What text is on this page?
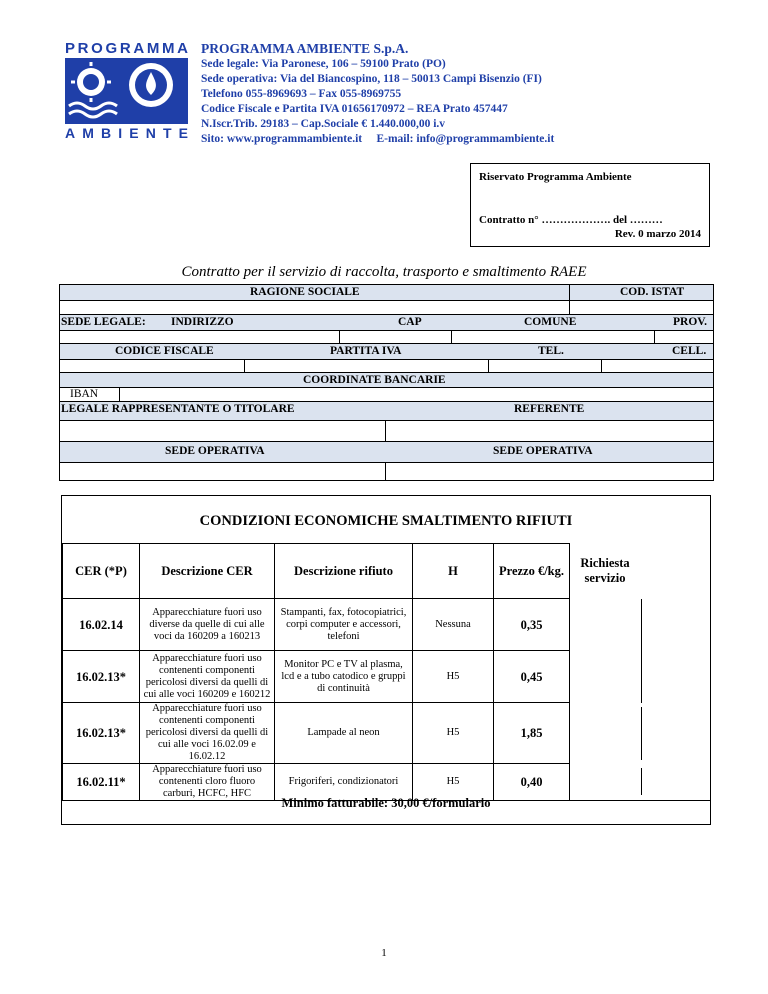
PROGRAMMA
AMBIENTE
PROGRAMMA AMBIENTE S.p.A.
Sede legale: Via Paronese, 106 – 59100 Prato (PO)
Sede operativa: Via del Biancospino, 118 – 50013 Campi Bisenzio (FI)
Telefono 055-8969693 – Fax 055-8969755
Codice Fiscale e Partita IVA 01656170972 – REA Prato 457447
N.Iscr.Trib. 29183 – Cap.Sociale € 1.440.000,00 i.v
Sito: www.programmambiente.it     E-mail: info@programmambiente.it
Riservato Programma Ambiente
Contratto n° ………………. del ………
Rev. 0 marzo 2014
Contratto per il servizio di raccolta, trasporto e smaltimento RAEE
RAGIONE SOCIALE	COD. ISTAT
SEDE LEGALE: INDIRIZZO	CAP	COMUNE	PROV.
CODICE FISCALE	PARTITA IVA	TEL.	CELL.
COORDINATE BANCARIE
IBAN
LEGALE RAPPRESENTANTE O TITOLARE	REFERENTE
SEDE OPERATIVA	SEDE OPERATIVA
CONDIZIONI ECONOMICHE SMALTIMENTO RIFIUTI
CER (*P)	Descrizione CER	Descrizione rifiuto	H	Prezzo €/kg.	Richiesta servizio

16.02.14	Apparecchiature fuori uso diverse da quelle di cui alle voci da 160209 a 160213	Stampanti, fax, fotocopiatrici, corpi computer e accessori, telefoni	Nessuna	0,35	

16.02.13*	Apparecchiature fuori uso contenenti componenti pericolosi diversi da quelli di cui alle voci 160209 e 160212	Monitor PC e TV al plasma, lcd e a tubo catodico e gruppi di continuità	H5	0,45	

16.02.13*	Apparecchiature fuori uso contenenti componenti pericolosi diversi da quelli di cui alle voci 16.02.09 e 16.02.12	Lampade al neon	H5	1,85	

16.02.11*	Apparecchiature fuori uso contenenti cloro fluoro carburi, HCFC, HFC	Frigoriferi, condizionatori	H5	0,40	
Minimo fatturabile: 30,00 €/formulario
1
